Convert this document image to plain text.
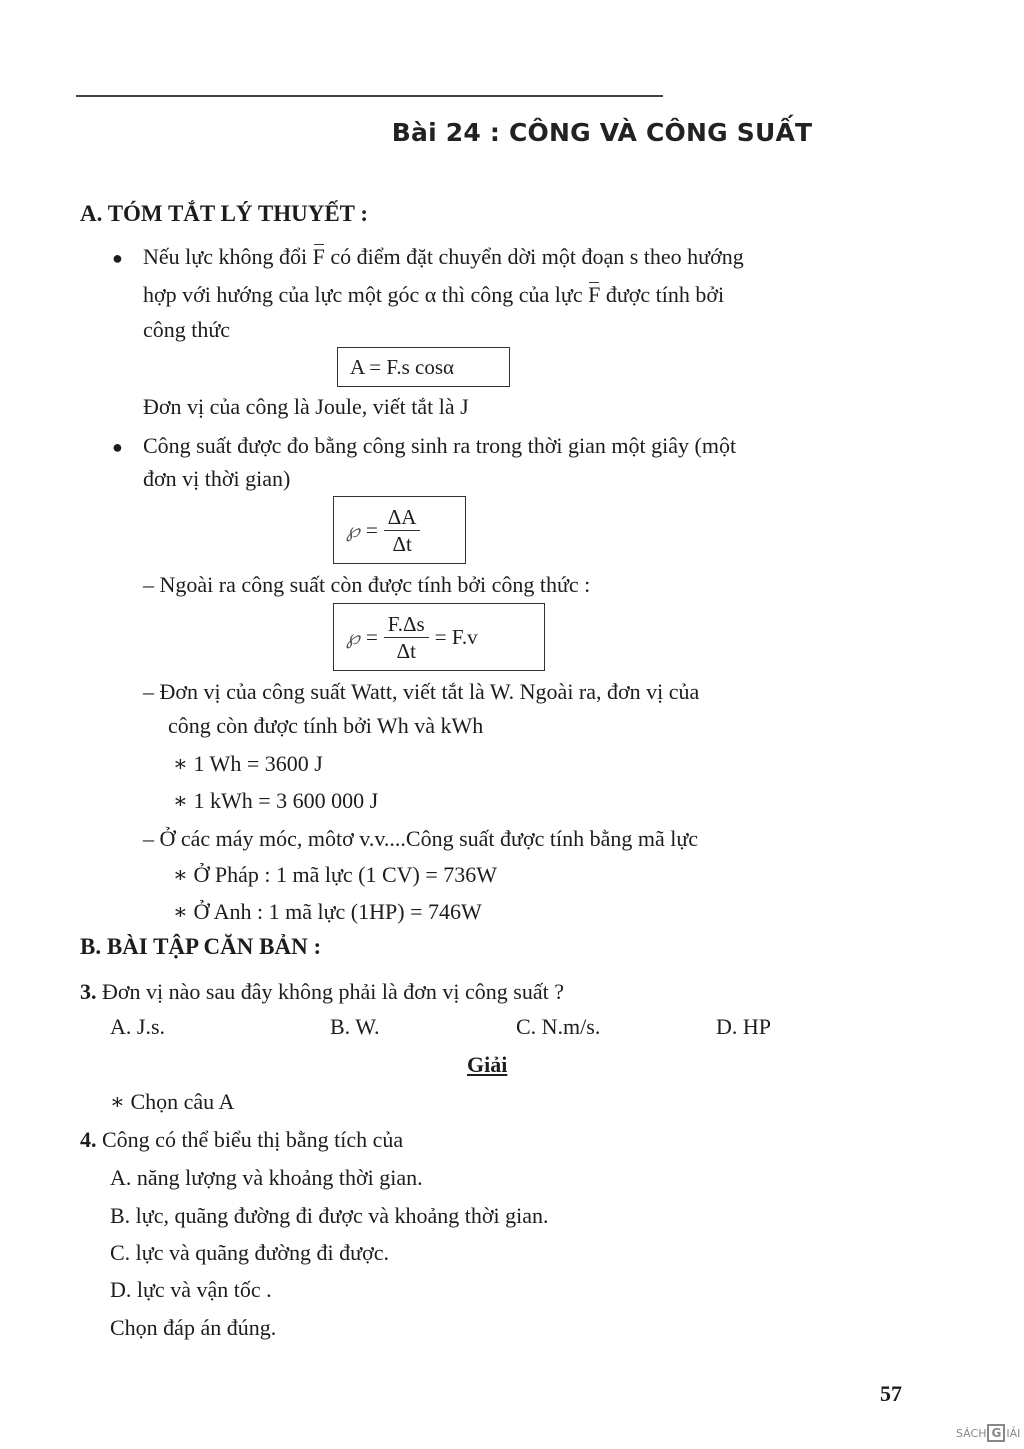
Bài 24 : CÔNG VÀ CÔNG SUẤT
A. TÓM TẮT LÝ THUYẾT :
● Nếu lực không đổi F có điểm đặt chuyển dời một đoạn s theo hướng
hợp với hướng của lực một góc α thì công của lực F được tính bởi
công thức
A = F.s cosα
Đơn vị của công là Joule, viết tắt là J
● Công suất được đo bằng công sinh ra trong thời gian một giây (một
đơn vị thời gian)
℘ = $\frac{\Delta A}{\Delta t}$
– Ngoài ra công suất còn được tính bởi công thức :
℘ = $\frac{F.\Delta s}{\Delta t} = F.v$
– Đơn vị của công suất Watt, viết tắt là W. Ngoài ra, đơn vị của
công còn được tính bởi Wh và kWh
∗ 1 Wh = 3600 J
∗ 1 kWh = 3 600 000 J
– Ở các máy móc, môtơ v.v....Công suất được tính bằng mã lực
∗ Ở Pháp : 1 mã lực (1 CV) = 736W
∗ Ở Anh : 1 mã lực (1HP) = 746W
B. BÀI TẬP CĂN BẢN :
3. Đơn vị nào sau đây không phải là đơn vị công suất ?
A. J.s.	B. W.	C. N.m/s.	D. HP
Giải
∗ Chọn câu A
4. Công có thể biểu thị bằng tích của
A. năng lượng và khoảng thời gian.
B. lực, quãng đường đi được và khoảng thời gian.
C. lực và quãng đường đi được.
D. lực và vận tốc .
Chọn đáp án đúng.
57
SÁCH G IẢI
